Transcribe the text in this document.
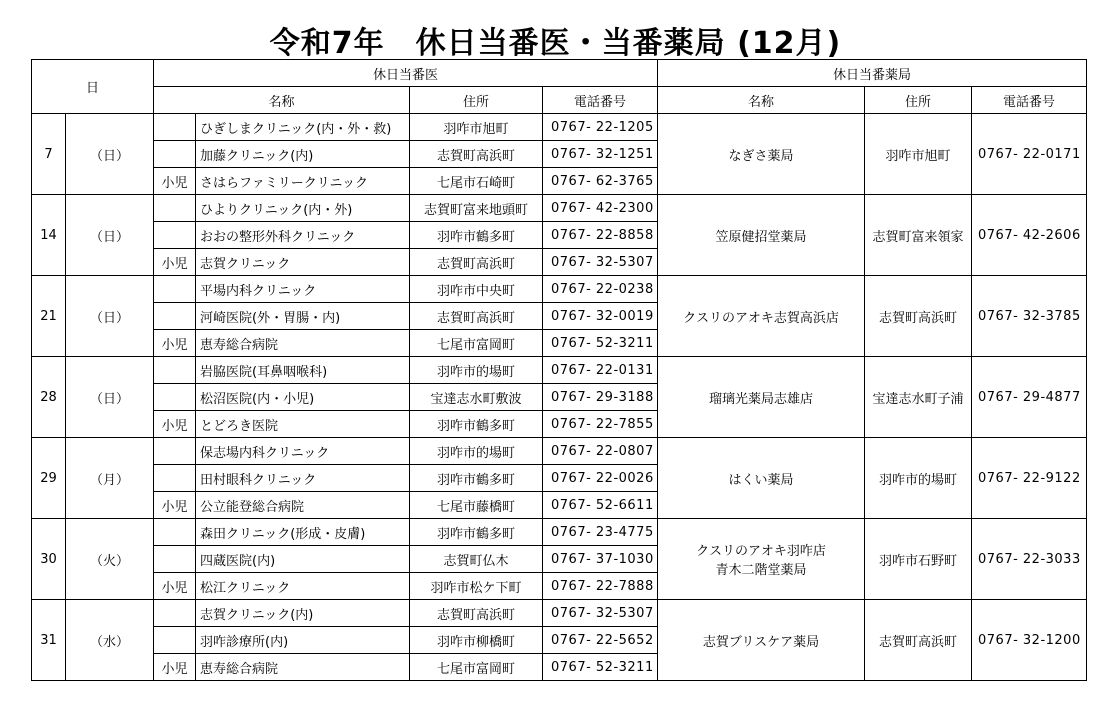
令和7年　休日当番医・当番薬局 (12月)
日		休日当番医				休日当番薬局		
		名称		住所	電話番号	名称	住所	電話番号
7	（日）		ひぎしまクリニック(内・外・救)	羽咋市旭町	0767- 22-1205	なぎさ薬局	羽咋市旭町	0767- 22-0171
			加藤クリニック(内)	志賀町高浜町	0767- 32-1251			
		小児	さはらファミリークリニック	七尾市石崎町	0767- 62-3765			
14	（日）		ひよりクリニック(内・外)	志賀町富来地頭町	0767- 42-2300	笠原健招堂薬局	志賀町富来領家	0767- 42-2606
			おおの整形外科クリニック	羽咋市鶴多町	0767- 22-8858			
		小児	志賀クリニック	志賀町高浜町	0767- 32-5307			
21	（日）		平場内科クリニック	羽咋市中央町	0767- 22-0238	クスリのアオキ志賀高浜店	志賀町高浜町	0767- 32-3785
			河崎医院(外・胃腸・内)	志賀町高浜町	0767- 32-0019			
		小児	恵寿総合病院	七尾市富岡町	0767- 52-3211			
28	（日）		岩脇医院(耳鼻咽喉科)	羽咋市的場町	0767- 22-0131	瑠璃光薬局志雄店	宝達志水町子浦	0767- 29-4877
			松沼医院(内・小児)	宝達志水町敷波	0767- 29-3188			
		小児	とどろき医院	羽咋市鶴多町	0767- 22-7855			
29	（月）		保志場内科クリニック	羽咋市的場町	0767- 22-0807	はくい薬局	羽咋市的場町	0767- 22-9122
			田村眼科クリニック	羽咋市鶴多町	0767- 22-0026			
		小児	公立能登総合病院	七尾市藤橋町	0767- 52-6611			
30	（火）		森田クリニック(形成・皮膚)	羽咋市鶴多町	0767- 23-4775	クスリのアオキ羽咋店
青木二階堂薬局	羽咋市石野町	0767- 22-3033
			四蔵医院(内)	志賀町仏木	0767- 37-1030			
		小児	松江クリニック	羽咋市松ケ下町	0767- 22-7888			
31	（水）		志賀クリニック(内)	志賀町高浜町	0767- 32-5307	志賀ブリスケア薬局	志賀町高浜町	0767- 32-1200
			羽咋診療所(内)	羽咋市柳橋町	0767- 22-5652			
		小児	恵寿総合病院	七尾市富岡町	0767- 52-3211			
